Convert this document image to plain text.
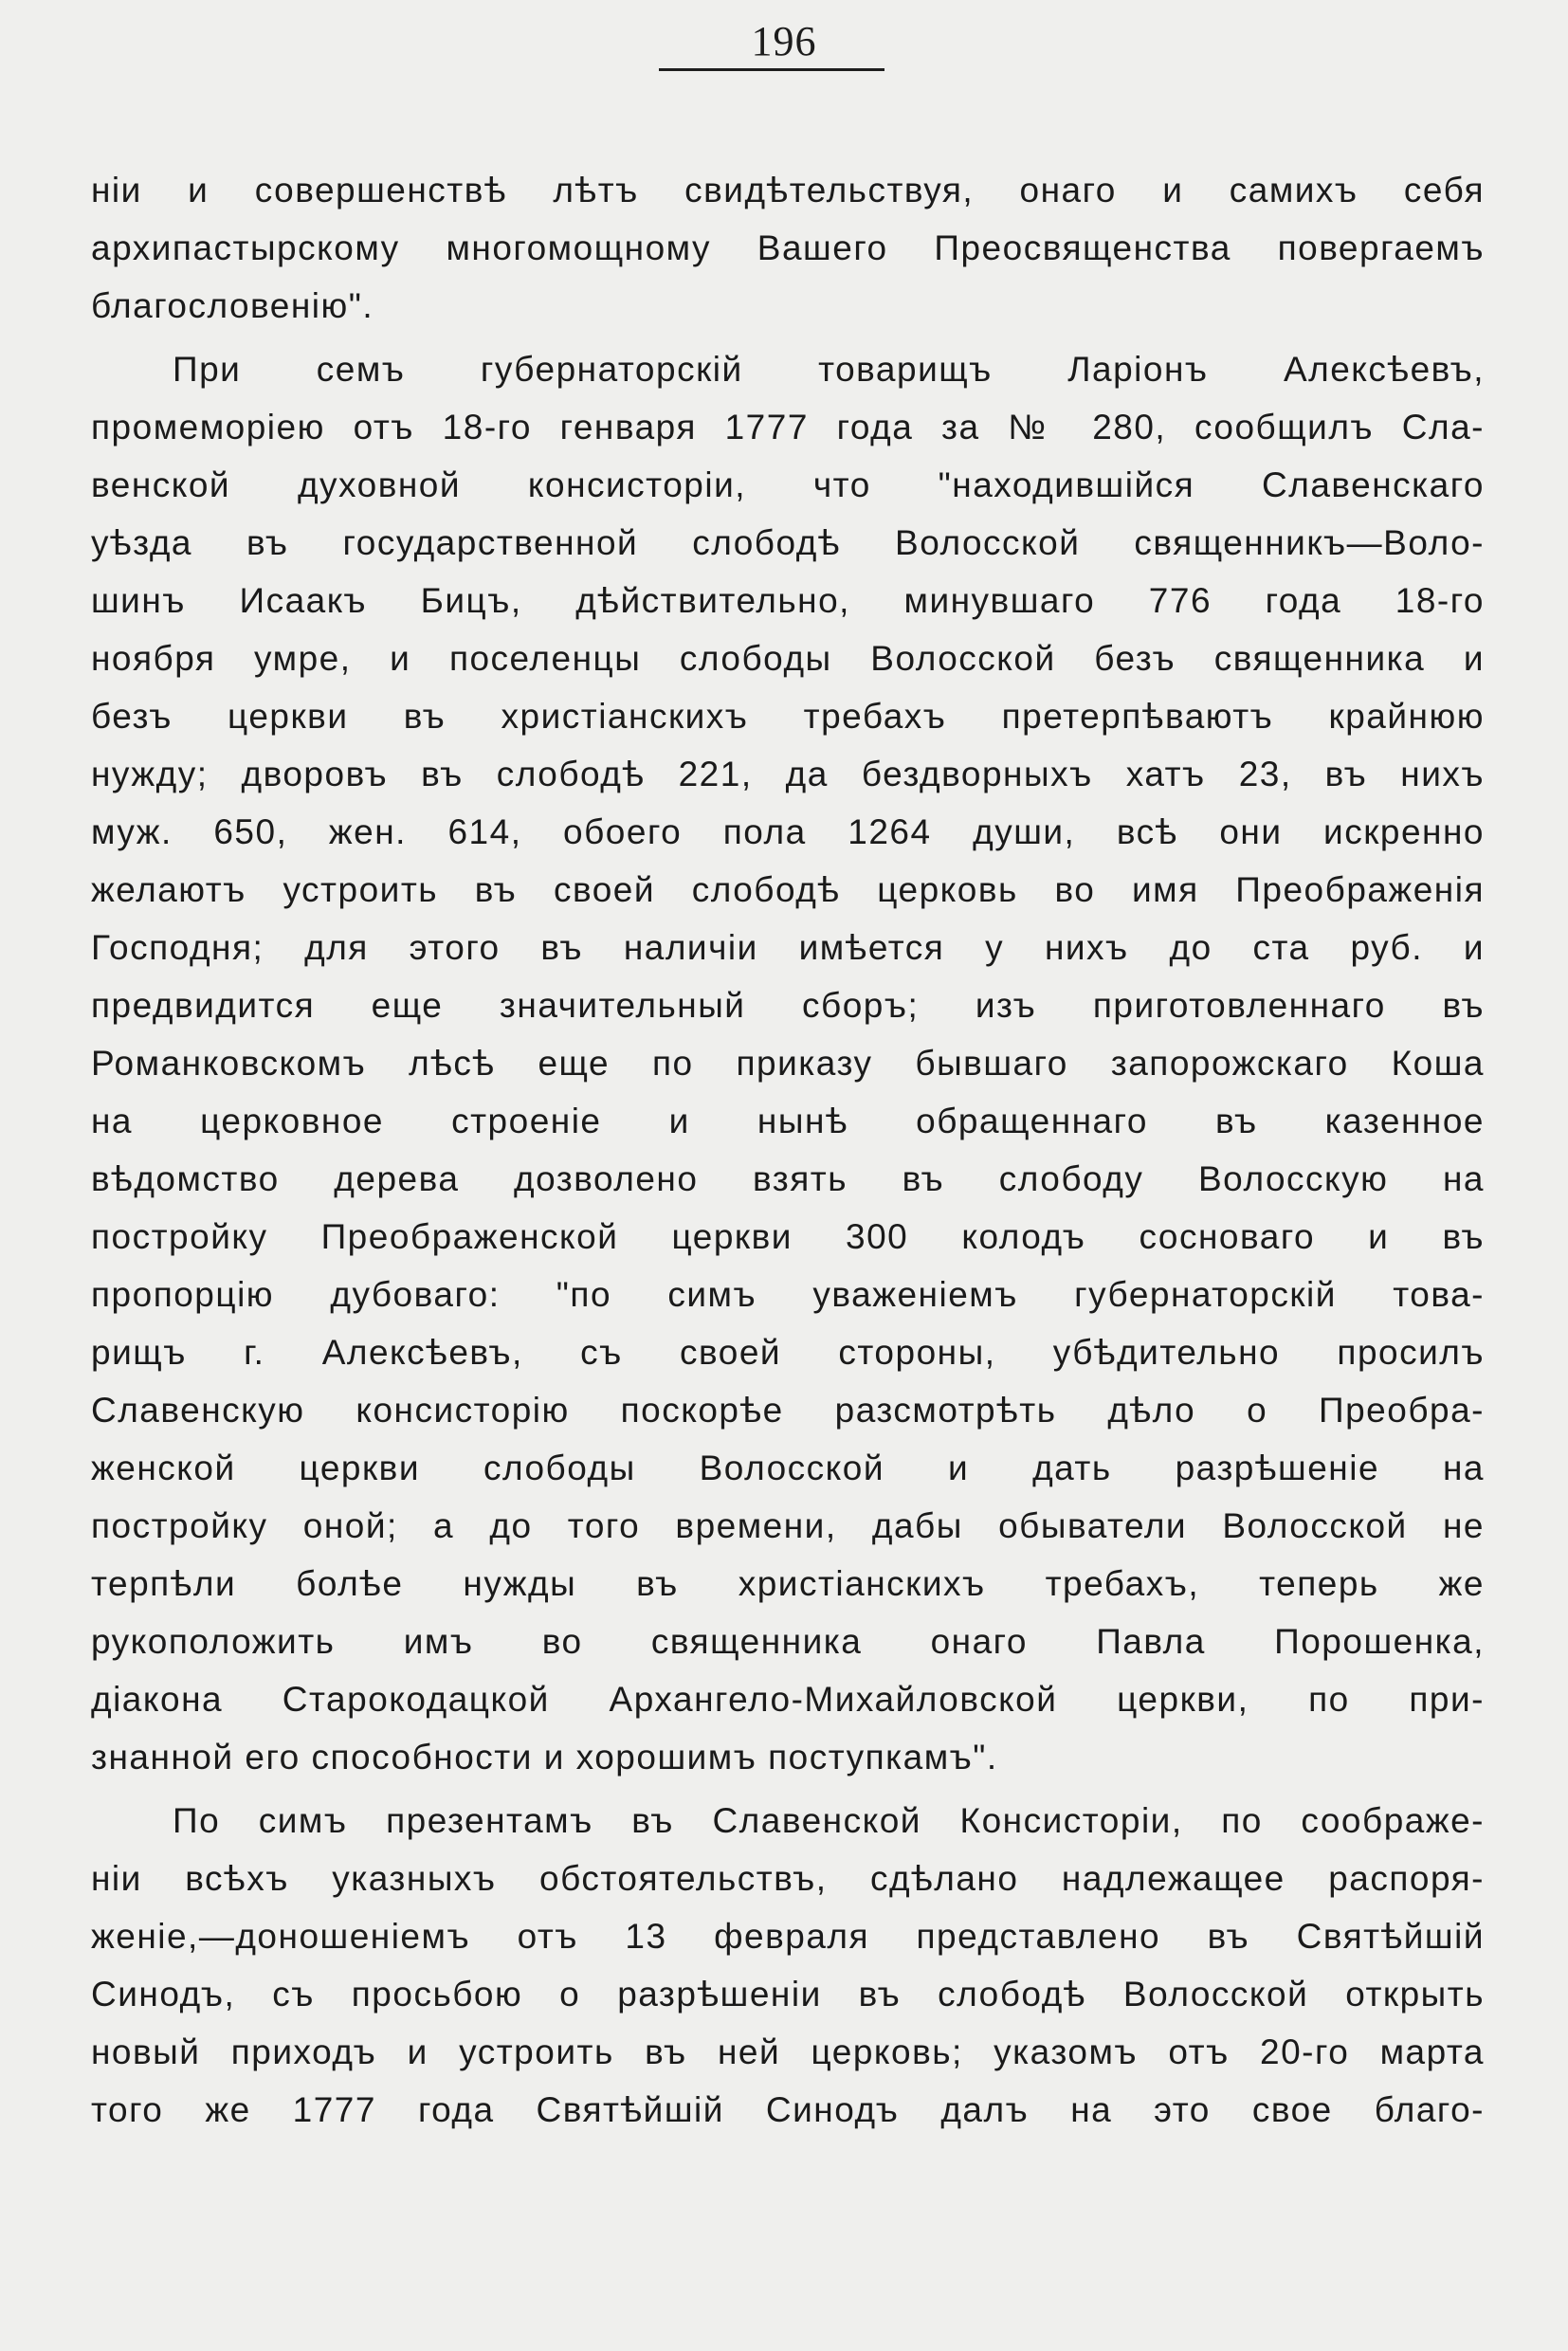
196
ніи и совершенствѣ лѣтъ свидѣтельствуя, онаго и самихъ себя
архипастырскому многомощному Вашего Преосвященства повергаемъ
благословенію".
При семъ губернаторскій товарищъ Ларіонъ Алексѣевъ,
промеморіею отъ 18-го генваря 1777 года за № 280, сообщилъ Сла-
венской духовной консисторіи, что "находившійся Славенскаго
уѣзда въ государственной слободѣ Волосской священникъ—Воло-
шинъ Исаакъ Бицъ, дѣйствительно, минувшаго 776 года 18-го
ноября умре, и поселенцы слободы Волосской безъ священника и
безъ церкви въ христіанскихъ требахъ претерпѣваютъ крайнюю
нужду; дворовъ въ слободѣ 221, да бездворныхъ хатъ 23, въ нихъ
муж. 650, жен. 614, обоего пола 1264 души, всѣ они искренно
желаютъ устроить въ своей слободѣ церковь во имя Преображенія
Господня; для этого въ наличіи имѣется у нихъ до ста руб. и
предвидится еще значительный сборъ; изъ приготовленнаго въ
Романковскомъ лѣсѣ еще по приказу бывшаго запорожскаго Коша
на церковное строеніе и нынѣ обращеннаго въ казенное
вѣдомство дерева дозволено взять въ слободу Волосскую на
постройку Преображенской церкви 300 колодъ сосноваго и въ
пропорцію дубоваго: "по симъ уваженіемъ губернаторскій това-
рищъ г. Алексѣевъ, съ своей стороны, убѣдительно просилъ
Славенскую консисторію поскорѣе разсмотрѣть дѣло о Преобра-
женской церкви слободы Волосской и дать разрѣшеніе на
постройку оной; а до того времени, дабы обыватели Волосской не
терпѣли болѣе нужды въ христіанскихъ требахъ, теперь же
рукоположить имъ во священника онаго Павла Порошенка,
діакона Старокодацкой Архангело-Михайловской церкви, по при-
знанной его способности и хорошимъ поступкамъ".
По симъ презентамъ въ Славенской Консисторіи, по соображе-
ніи всѣхъ указныхъ обстоятельствъ, сдѣлано надлежащее распоря-
женіе,—доношеніемъ отъ 13 февраля представлено въ Святѣйшій
Синодъ, съ просьбою о разрѣшеніи въ слободѣ Волосской открыть
новый приходъ и устроить въ ней церковь; указомъ отъ 20-го марта
того же 1777 года Святѣйшій Синодъ далъ на это свое благо-
